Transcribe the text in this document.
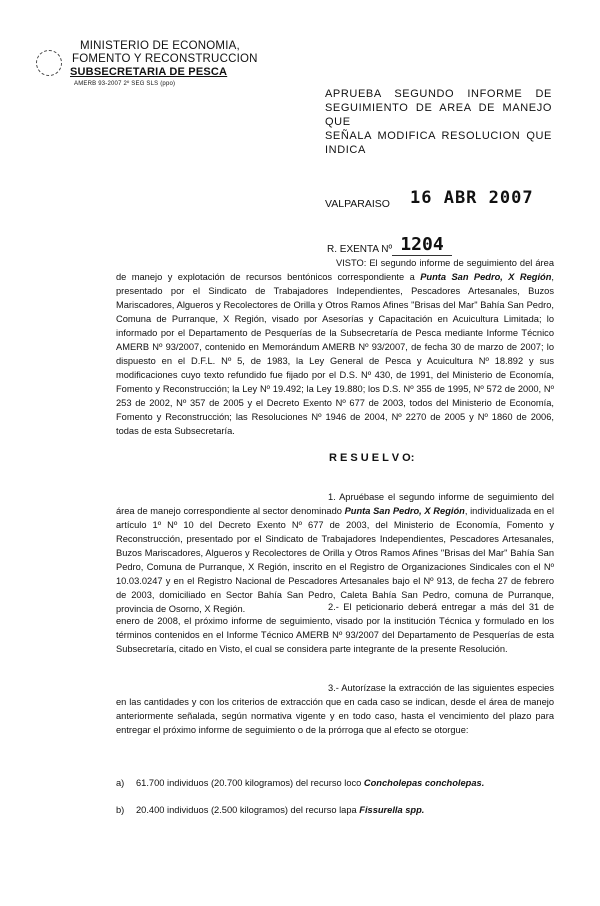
MINISTERIO DE ECONOMIA,
FOMENTO Y RECONSTRUCCION
SUBSECRETARIA DE PESCA
AMERB 93-2007 2º SEG SLS (ppo)
APRUEBA SEGUNDO INFORME DE
SEGUIMIENTO DE AREA DE MANEJO QUE
SEÑALA MODIFICA RESOLUCION QUE
INDICA
VALPARAISO 16 ABR 2007
R. EXENTA Nº 1204
VISTO: El segundo informe de seguimiento del área de manejo y explotación de recursos bentónicos correspondiente a Punta San Pedro, X Región, presentado por el Sindicato de Trabajadores Independientes, Pescadores Artesanales, Buzos Mariscadores, Algueros y Recolectores de Orilla y Otros Ramos Afines "Brisas del Mar" Bahía San Pedro, Comuna de Purranque, X Región, visado por Asesorías y Capacitación en Acuicultura Limitada; lo informado por el Departamento de Pesquerías de la Subsecretaría de Pesca mediante Informe Técnico AMERB Nº 93/2007, contenido en Memorándum AMERB Nº 93/2007, de fecha 30 de marzo de 2007; lo dispuesto en el D.F.L. Nº 5, de 1983, la Ley General de Pesca y Acuicultura Nº 18.892 y sus modificaciones cuyo texto refundido fue fijado por el D.S. Nº 430, de 1991, del Ministerio de Economía, Fomento y Reconstrucción; la Ley Nº 19.492; la Ley 19.880; los D.S. Nº 355 de 1995, Nº 572 de 2000, Nº 253 de 2002, Nº 357 de 2005 y el Decreto Exento Nº 677 de 2003, todos del Ministerio de Economía, Fomento y Reconstrucción; las Resoluciones Nº 1946 de 2004, Nº 2270 de 2005 y Nº 1860 de 2006, todas de esta Subsecretaría.
R E S U E L V O:
1. Apruébase el segundo informe de seguimiento del área de manejo correspondiente al sector denominado Punta San Pedro, X Región, individualizada en el artículo 1º Nº 10 del Decreto Exento Nº 677 de 2003, del Ministerio de Economía, Fomento y Reconstrucción, presentado por el Sindicato de Trabajadores Independientes, Pescadores Artesanales, Buzos Mariscadores, Algueros y Recolectores de Orilla y Otros Ramos Afines "Brisas del Mar" Bahía San Pedro, Comuna de Purranque, X Región, inscrito en el Registro de Organizaciones Sindicales con el Nº 10.03.0247 y en el Registro Nacional de Pescadores Artesanales bajo el Nº 913, de fecha 27 de febrero de 2003, domiciliado en Sector Bahía San Pedro, Caleta Bahía San Pedro, comuna de Purranque, provincia de Osorno, X Región.	2.- El peticionario deberá entregar a más del 31 de enero de 2008, el próximo informe de seguimiento, visado por la institución Técnica y formulado en los términos contenidos en el Informe Técnico AMERB Nº 93/2007 del Departamento de Pesquerías de esta Subsecretaría, citado en Visto, el cual se considera parte integrante de la presente Resolución.
3.- Autorízase la extracción de las siguientes especies en las cantidades y con los criterios de extracción que en cada caso se indican, desde el área de manejo anteriormente señalada, según normativa vigente y en todo caso, hasta el vencimiento del plazo para entregar el próximo informe de seguimiento o de la prórroga que al efecto se otorgue:
a) 61.700 individuos (20.700 kilogramos) del recurso loco Concholepas concholepas.
b) 20.400 individuos (2.500 kilogramos) del recurso lapa Fissurella spp.
